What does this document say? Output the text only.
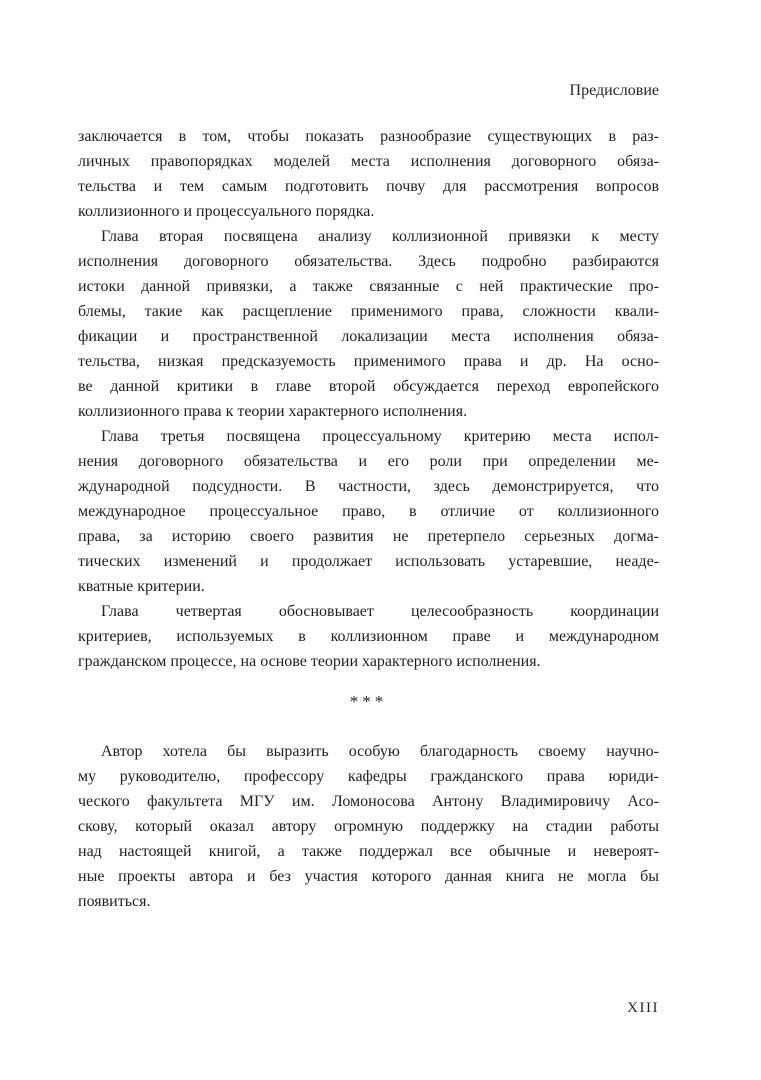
Предисловие
заключается в том, чтобы показать разнообразие существующих в раз-
личных правопорядках моделей места исполнения договорного обяза-
тельства и тем самым подготовить почву для рассмотрения вопросов
коллизионного и процессуального порядка.
Глава вторая посвящена анализу коллизионной привязки к месту
исполнения договорного обязательства. Здесь подробно разбираются
истоки данной привязки, а также связанные с ней практические про-
блемы, такие как расщепление применимого права, сложности квали-
фикации и пространственной локализации места исполнения обяза-
тельства, низкая предсказуемость применимого права и др. На осно-
ве данной критики в главе второй обсуждается переход европейского
коллизионного права к теории характерного исполнения.
Глава третья посвящена процессуальному критерию места испол-
нения договорного обязательства и его роли при определении ме-
ждународной подсудности. В частности, здесь демонстрируется, что
международное процессуальное право, в отличие от коллизионного
права, за историю своего развития не претерпело серьезных догма-
тических изменений и продолжает использовать устаревшие, неаде-
кватные критерии.
Глава четвертая обосновывает целесообразность координации
критериев, используемых в коллизионном праве и международном
гражданском процессе, на основе теории характерного исполнения.
***
Автор хотела бы выразить особую благодарность своему научно-
му руководителю, профессору кафедры гражданского права юриди-
ческого факультета МГУ им. Ломоносова Антону Владимировичу Асо-
скову, который оказал автору огромную поддержку на стадии работы
над настоящей книгой, а также поддержал все обычные и невероят-
ные проекты автора и без участия которого данная книга не могла бы
появиться.
XIII
